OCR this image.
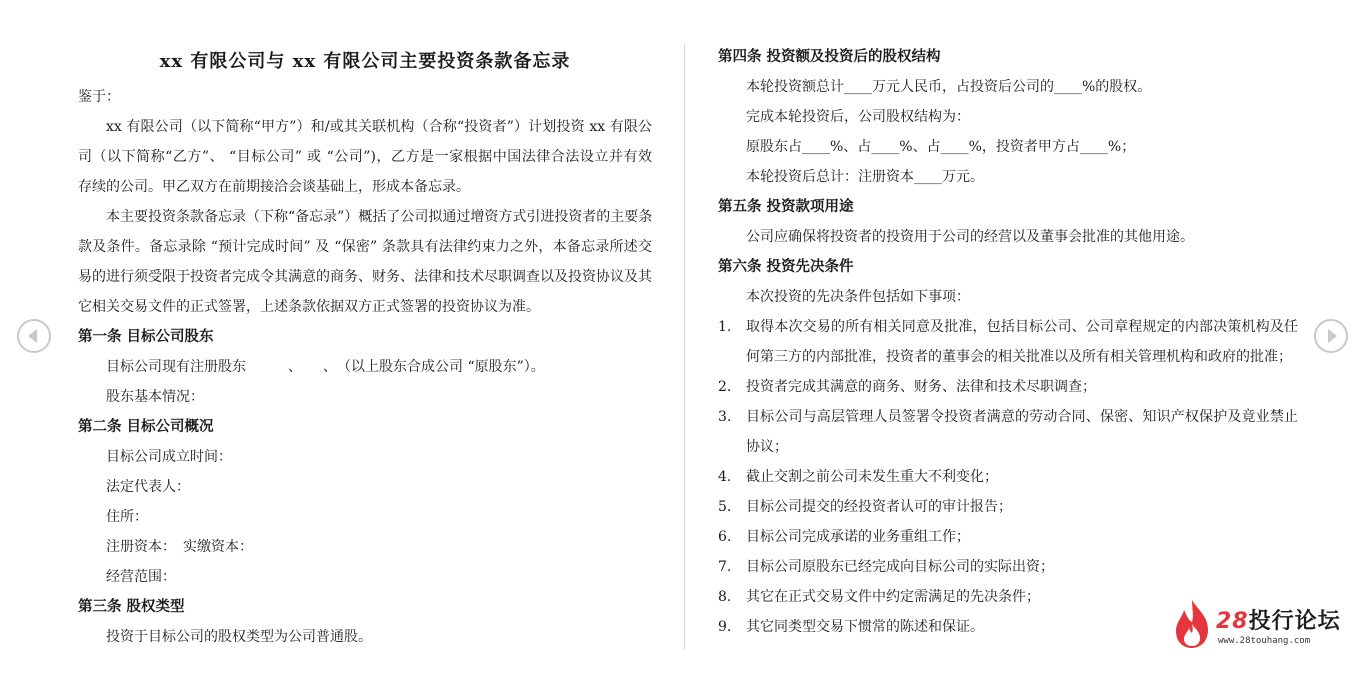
xx 有限公司与 xx 有限公司主要投资条款备忘录
鉴于：
xx 有限公司（以下简称“甲方”）和/或其关联机构（合称“投资者”）计划投资 xx 有限公
司（以下简称“乙方”、 “目标公司” 或 “公司”)，乙方是一家根据中国法律合法设立并有效
存续的公司。甲乙双方在前期接洽会谈基础上，形成本备忘录。
本主要投资条款备忘录（下称“备忘录”）概括了公司拟通过增资方式引进投资者的主要条
款及条件。备忘录除 “预计完成时间” 及 “保密” 条款具有法律约束力之外，本备忘录所述交
易的进行须受限于投资者完成令其满意的商务、财务、法律和技术尽职调查以及投资协议及其
它相关交易文件的正式签署，上述条款依据双方正式签署的投资协议为准。
第一条 目标公司股东
目标公司现有注册股东　　　、　　、　（以上股东合成公司 “原股东”）。
股东基本情况：
第二条 目标公司概况
目标公司成立时间：
法定代表人：
住所：
注册资本：　实缴资本：
经营范围：
第三条 股权类型
投资于目标公司的股权类型为公司普通股。
第四条 投资额及投资后的股权结构
本轮投资额总计____万元人民币，占投资后公司的____%的股权。
完成本轮投资后，公司股权结构为：
原股东占____%、占____%、占____%，投资者甲方占____%；
本轮投资后总计：注册资本____万元。
第五条 投资款项用途
公司应确保将投资者的投资用于公司的经营以及董事会批准的其他用途。
第六条 投资先决条件
本次投资的先决条件包括如下事项：
1.	取得本次交易的所有相关同意及批准，包括目标公司、公司章程规定的内部决策机构及任
何第三方的内部批准，投资者的董事会的相关批准以及所有相关管理机构和政府的批准；
2.	投资者完成其满意的商务、财务、法律和技术尽职调查；
3.	目标公司与高层管理人员签署令投资者满意的劳动合同、保密、知识产权保护及竟业禁止
协议；
4.	截止交割之前公司未发生重大不利变化；
5.	目标公司提交的经投资者认可的审计报告；
6.	目标公司完成承诺的业务重组工作；
7.	目标公司原股东已经完成向目标公司的实际出资；
8.	其它在正式交易文件中约定需满足的先决条件；
9.	其它同类型交易下惯常的陈述和保证。	28投行论坛
www.28touhang.com
